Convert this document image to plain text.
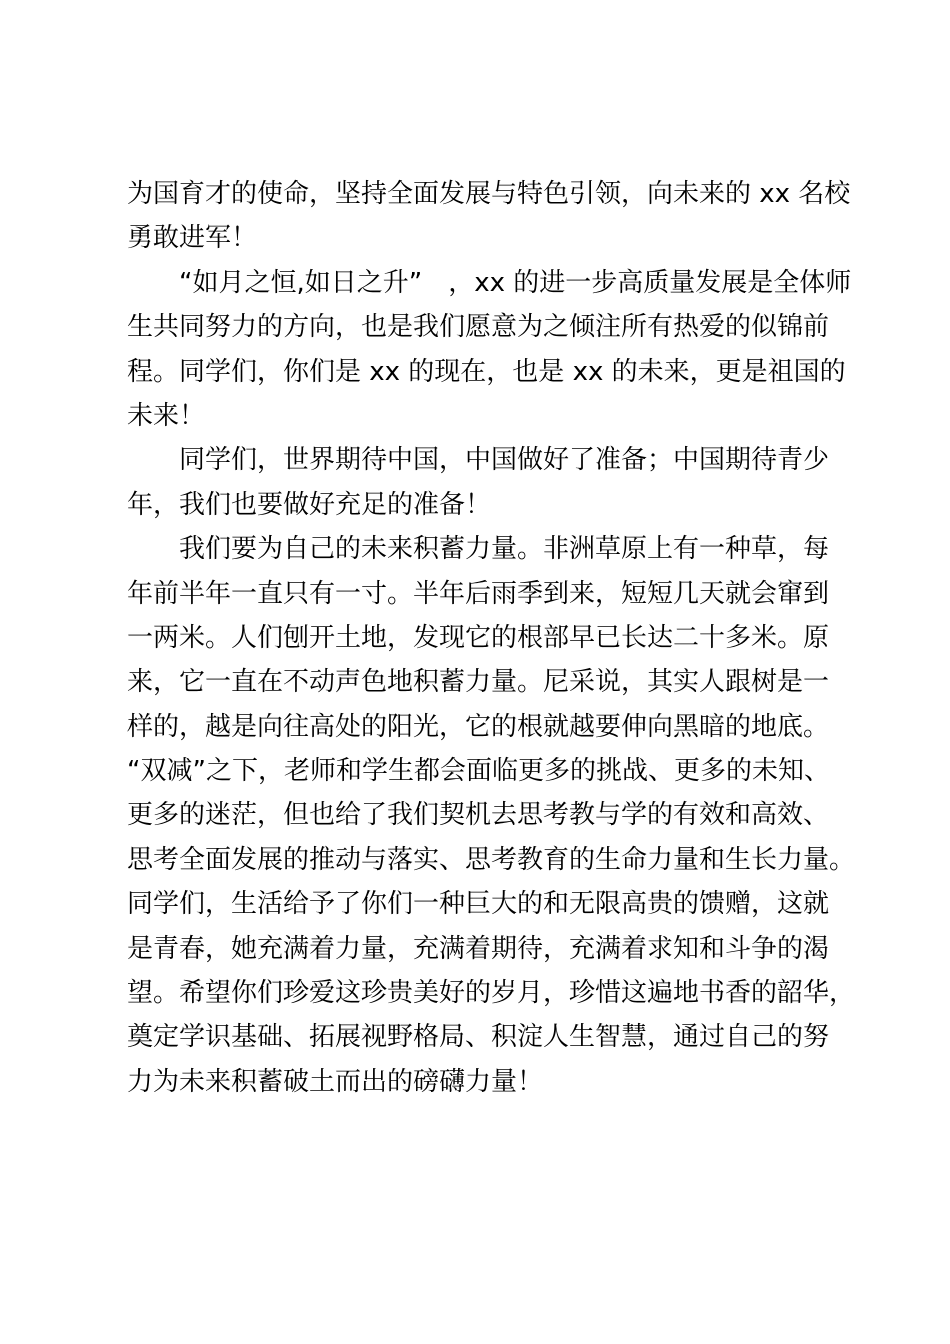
为国育才的使命，坚持全面发展与特色引领，向未来的 xx 名校
勇敢进军！
　　“如月之恒,如日之升”　，xx 的进一步高质量发展是全体师
生共同努力的方向，也是我们愿意为之倾注所有热爱的似锦前
程。同学们，你们是 xx 的现在，也是 xx 的未来，更是祖国的
未来！
　　同学们，世界期待中国，中国做好了准备；中国期待青少
年，我们也要做好充足的准备！
　　我们要为自己的未来积蓄力量。非洲草原上有一种草，每
年前半年一直只有一寸。半年后雨季到来，短短几天就会窜到
一两米。人们刨开土地，发现它的根部早已长达二十多米。原
来，它一直在不动声色地积蓄力量。尼采说，其实人跟树是一
样的，越是向往高处的阳光，它的根就越要伸向黑暗的地底。
“双减”之下，老师和学生都会面临更多的挑战、更多的未知、
更多的迷茫，但也给了我们契机去思考教与学的有效和高效、
思考全面发展的推动与落实、思考教育的生命力量和生长力量。
同学们，生活给予了你们一种巨大的和无限高贵的馈赠，这就
是青春，她充满着力量，充满着期待，充满着求知和斗争的渴
望。希望你们珍爱这珍贵美好的岁月，珍惜这遍地书香的韶华，
奠定学识基础、拓展视野格局、积淀人生智慧，通过自己的努
力为未来积蓄破土而出的磅礴力量！
